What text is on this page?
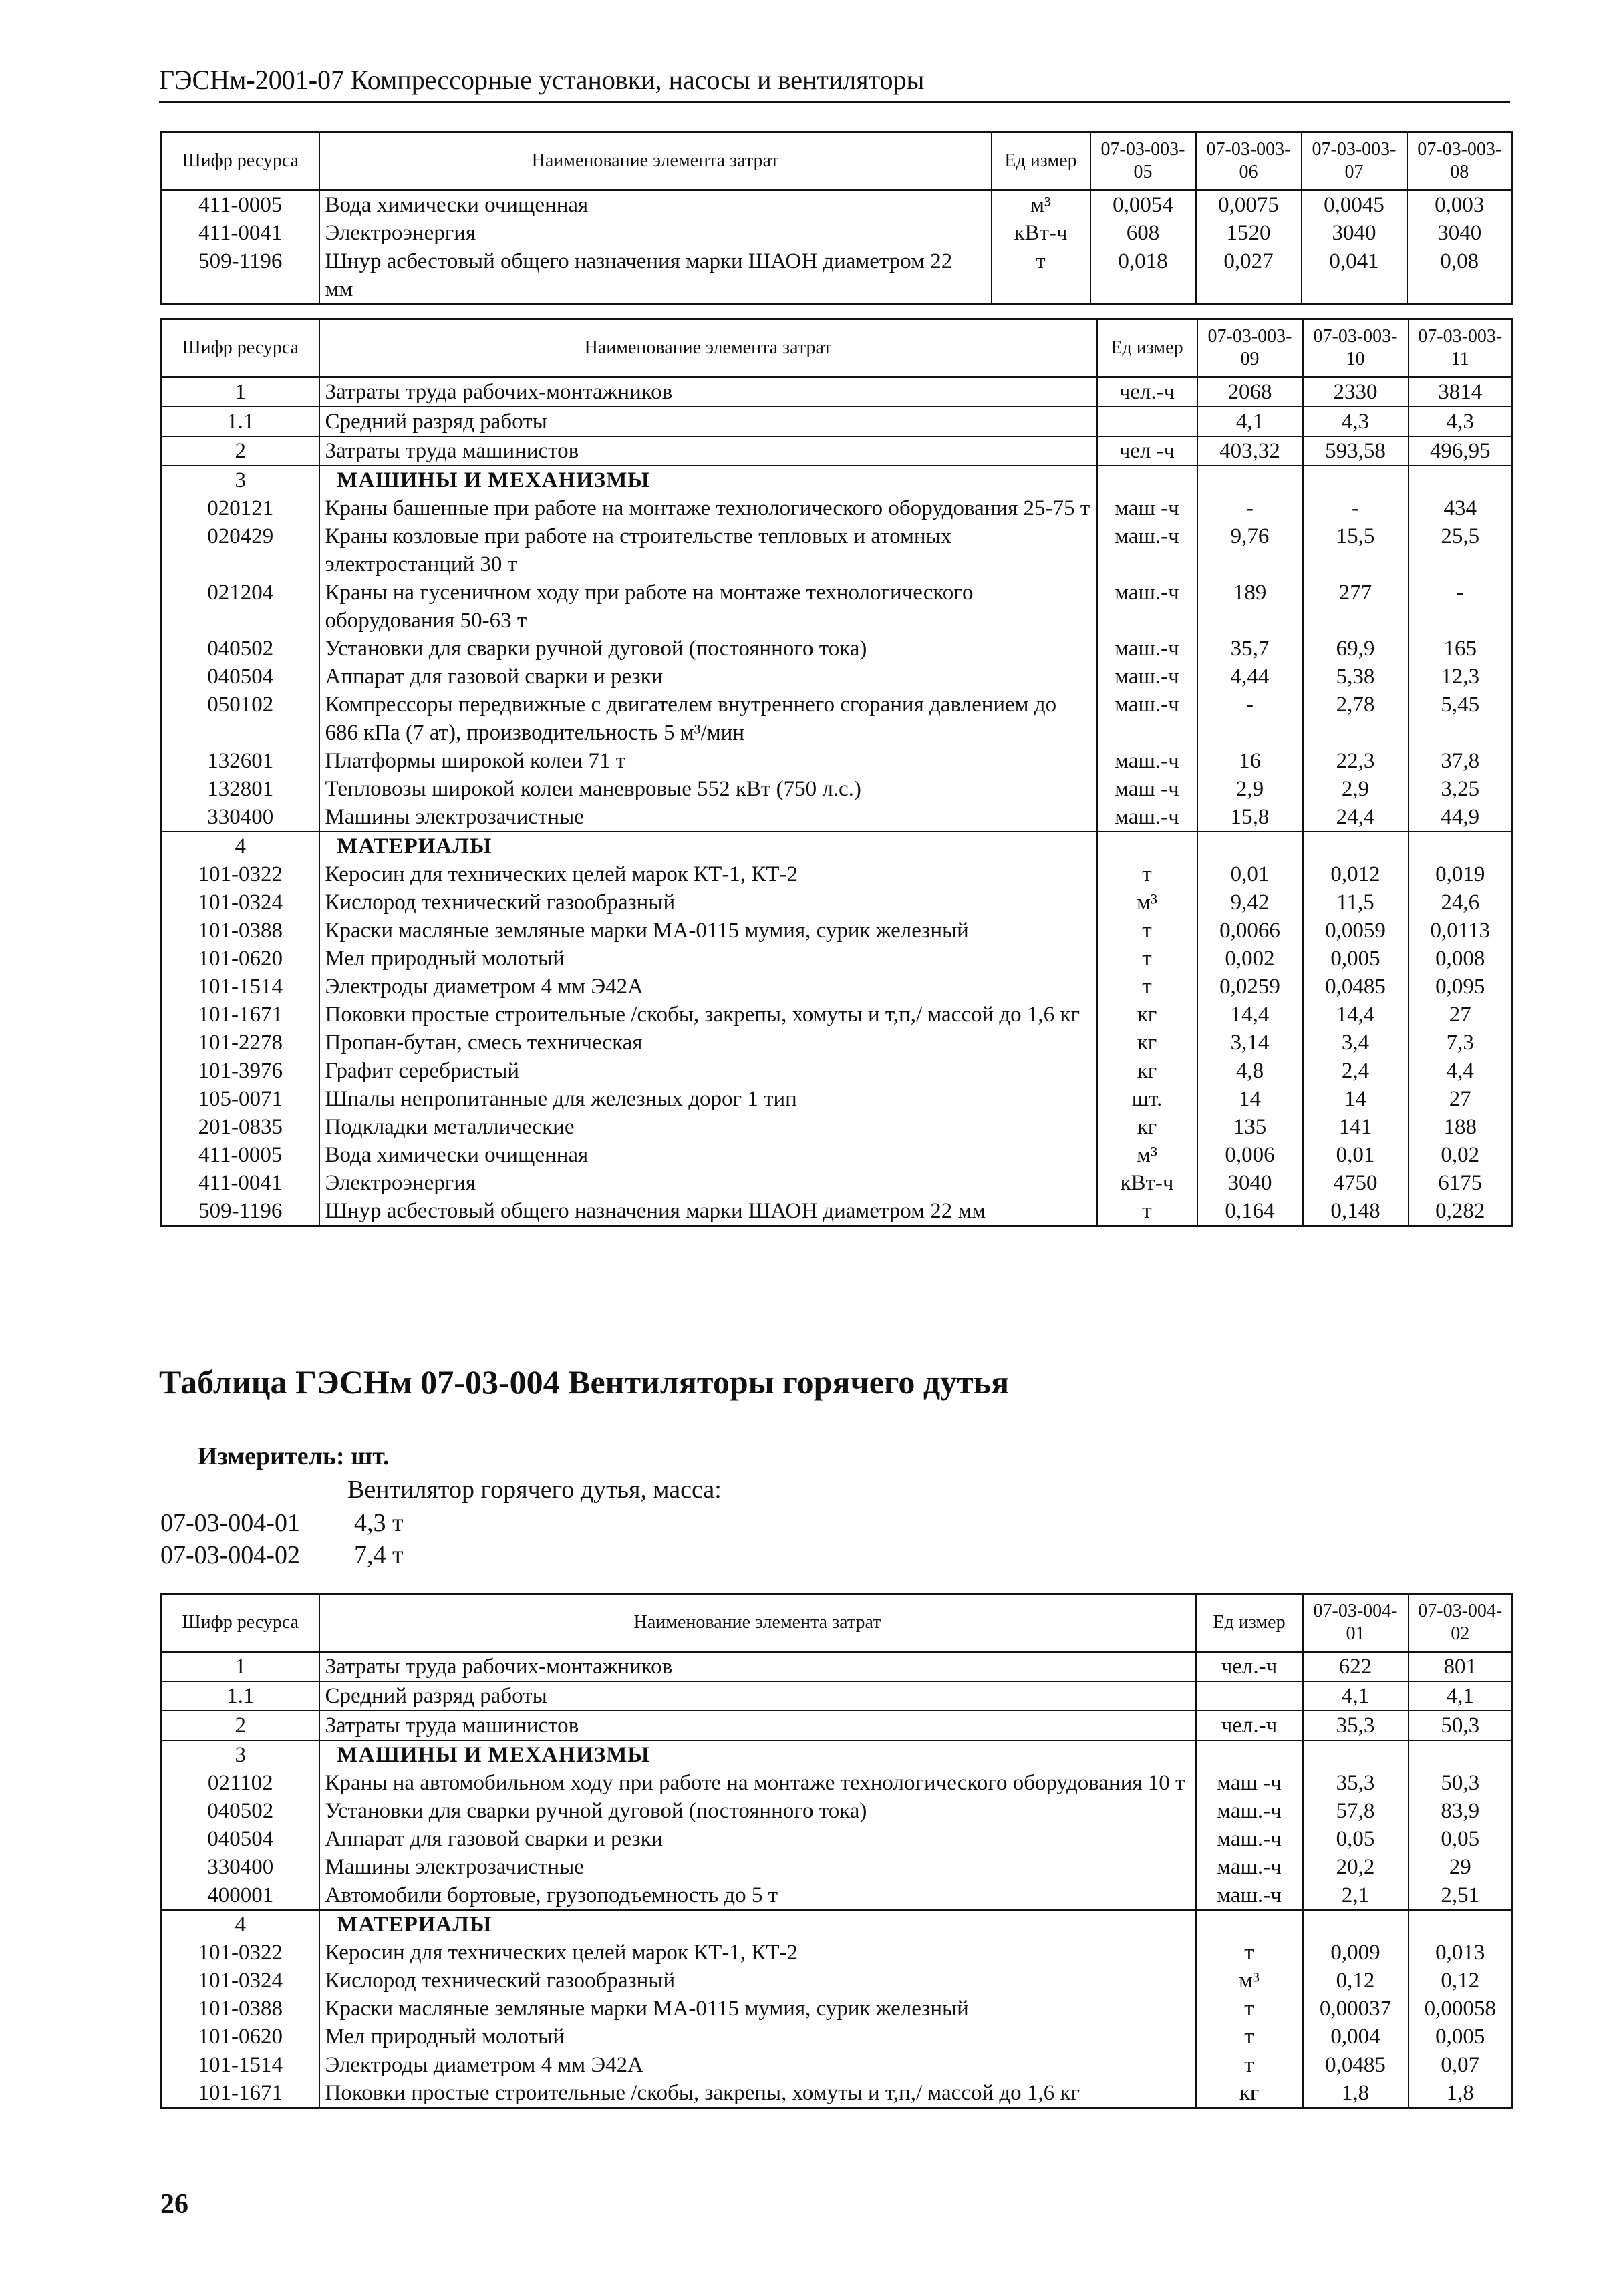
ГЭСНм-2001-07 Компрессорные установки, насосы и вентиляторы
Шифр ресурса	Наименование элемента затрат	Ед измер	07-03-003-05	07-03-003-06	07-03-003-07	07-03-003-08
411-0005	Вода химически очищенная	м³	0,0054	0,0075	0,0045	0,003
411-0041	Электроэнергия	кВт-ч	608	1520	3040	3040
509-1196	Шнур асбестовый общего назначения марки ШАОН диаметром 22 мм	т	0,018	0,027	0,041	0,08
Шифр ресурса	Наименование элемента затрат	Ед измер	07-03-003-09	07-03-003-10	07-03-003-11
1	Затраты труда рабочих-монтажников	чел.-ч	2068	2330	3814
1.1	Средний разряд работы		4,1	4,3	4,3
2	Затраты труда машинистов	чел -ч	403,32	593,58	496,95
3	МАШИНЫ И МЕХАНИЗМЫ				
020121	Краны башенные при работе на монтаже технологического оборудования 25-75 т	маш -ч	-	-	434
020429	Краны козловые при работе на строительстве тепловых и атомных электростанций 30 т	маш.-ч	9,76	15,5	25,5
021204	Краны на гусеничном ходу при работе на монтаже технологического оборудования 50-63 т	маш.-ч	189	277	-
040502	Установки для сварки ручной дуговой (постоянного тока)	маш.-ч	35,7	69,9	165
040504	Аппарат для газовой сварки и резки	маш.-ч	4,44	5,38	12,3
050102	Компрессоры передвижные с двигателем внутреннего сгорания давлением до 686 кПа (7 ат), производительность 5 м³/мин	маш.-ч	-	2,78	5,45
132601	Платформы широкой колеи 71 т	маш.-ч	16	22,3	37,8
132801	Тепловозы широкой колеи маневровые 552 кВт (750 л.с.)	маш -ч	2,9	2,9	3,25
330400	Машины электрозачистные	маш.-ч	15,8	24,4	44,9
4	МАТЕРИАЛЫ				
101-0322	Керосин для технических целей марок КТ-1, КТ-2	т	0,01	0,012	0,019
101-0324	Кислород технический газообразный	м³	9,42	11,5	24,6
101-0388	Краски масляные земляные марки МА-0115 мумия, сурик железный	т	0,0066	0,0059	0,0113
101-0620	Мел природный молотый	т	0,002	0,005	0,008
101-1514	Электроды диаметром 4 мм Э42А	т	0,0259	0,0485	0,095
101-1671	Поковки простые строительные /скобы, закрепы, хомуты и т,п,/ массой до 1,6 кг	кг	14,4	14,4	27
101-2278	Пропан-бутан, смесь техническая	кг	3,14	3,4	7,3
101-3976	Графит серебристый	кг	4,8	2,4	4,4
105-0071	Шпалы непропитанные для железных дорог 1 тип	шт.	14	14	27
201-0835	Подкладки металлические	кг	135	141	188
411-0005	Вода химически очищенная	м³	0,006	0,01	0,02
411-0041	Электроэнергия	кВт-ч	3040	4750	6175
509-1196	Шнур асбестовый общего назначения марки ШАОН диаметром 22 мм	т	0,164	0,148	0,282
Таблица ГЭСНм 07-03-004 Вентиляторы горячего дутья
Измеритель: шт.
Вентилятор горячего дутья, масса:
07-03-004-01 4,3 т
07-03-004-02 7,4 т
Шифр ресурса	Наименование элемента затрат	Ед измер	07-03-004-01	07-03-004-02
1	Затраты труда рабочих-монтажников	чел.-ч	622	801
1.1	Средний разряд работы		4,1	4,1
2	Затраты труда машинистов	чел.-ч	35,3	50,3
3	МАШИНЫ И МЕХАНИЗМЫ			
021102	Краны на автомобильном ходу при работе на монтаже технологического оборудования 10 т	маш -ч	35,3	50,3
040502	Установки для сварки ручной дуговой (постоянного тока)	маш.-ч	57,8	83,9
040504	Аппарат для газовой сварки и резки	маш.-ч	0,05	0,05
330400	Машины электрозачистные	маш.-ч	20,2	29
400001	Автомобили бортовые, грузоподъемность до 5 т	маш.-ч	2,1	2,51
4	МАТЕРИАЛЫ			
101-0322	Керосин для технических целей марок КТ-1, КТ-2	т	0,009	0,013
101-0324	Кислород технический газообразный	м³	0,12	0,12
101-0388	Краски масляные земляные марки МА-0115 мумия, сурик железный	т	0,00037	0,00058
101-0620	Мел природный молотый	т	0,004	0,005
101-1514	Электроды диаметром 4 мм Э42А	т	0,0485	0,07
101-1671	Поковки простые строительные /скобы, закрепы, хомуты и т,п,/ массой до 1,6 кг	кг	1,8	1,8
26
